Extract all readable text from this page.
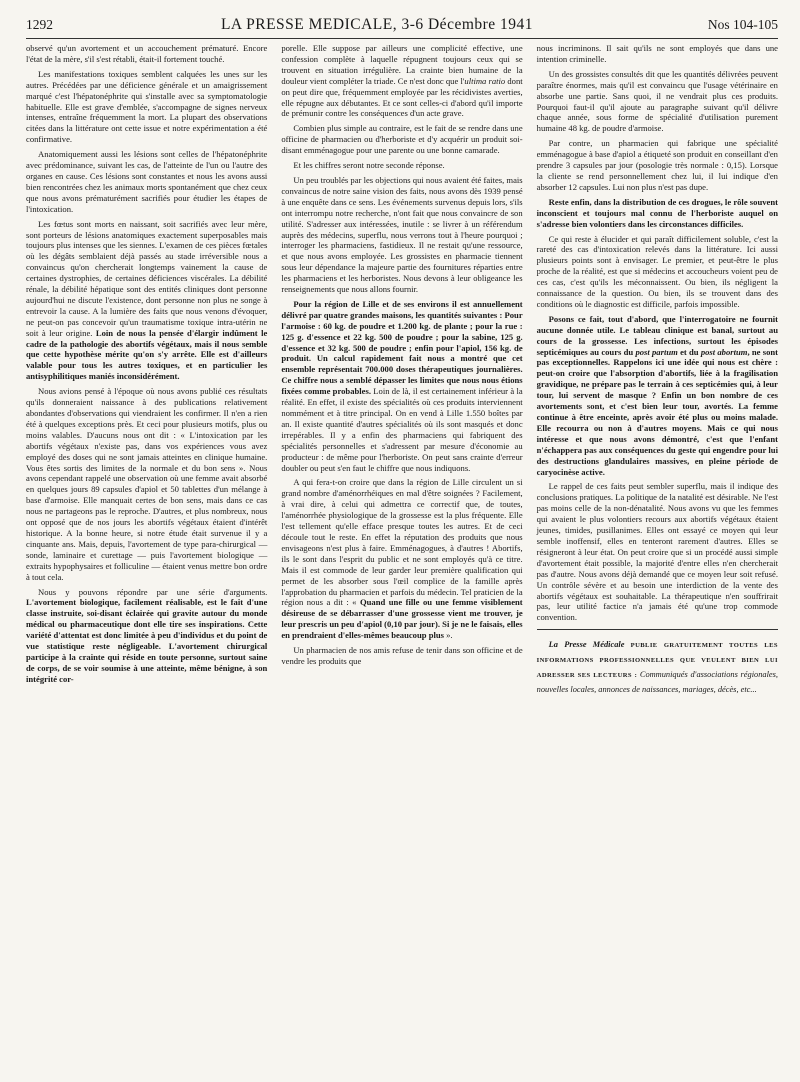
1292	LA PRESSE MEDICALE, 3-6 Décembre 1941	Nos 104-105

observé qu'un avortement et un accouchement prématuré. Encore l'état de la mère, s'il s'est rétabli, était-il fortement touché.

Les manifestations toxiques semblent calquées les unes sur les autres. Précédées par une déficience générale et un amaigrissement marqué c'est l'hépatonéphrite qui s'installe avec sa symptomatologie habituelle. Elle est grave d'emblée, s'accompagne de signes nerveux intenses, entraîne fréquemment la mort. La plupart des observations citées dans la littérature ont cette issue et notre expérimentation a été confirmative.

Anatomiquement aussi les lésions sont celles de l'hépatonéphrite avec prédominance, suivant les cas, de l'atteinte de l'un ou l'autre des organes en cause. Ces lésions sont constantes et nous les avons aussi bien rencontrées chez les animaux morts spontanément que chez ceux que nous avons prématurément sacrifiés pour étudier les étapes de l'intoxication.

Les fœtus sont morts en naissant, soit sacrifiés avec leur mère, sont porteurs de lésions anatomiques exactement superposables mais toujours plus intenses que les siennes. L'examen de ces pièces fœtales où les dégâts semblaient déjà passés au stade irréversible nous a convaincus qu'on chercherait longtemps vainement la cause de certaines dystrophies, de certaines déficiences viscérales. La débilité rénale, la débilité hépatique sont des entités cliniques dont personne aujourd'hui ne discute l'existence, dont personne non plus ne songe à entrevoir la cause. A la lumière des faits que nous venons d'évoquer, ne peut-on pas concevoir qu'un traumatisme toxique intra-utérin ne soit à leur origine. Loin de nous la pensée d'élargir indûment le cadre de la pathologie des abortifs végétaux, mais il nous semble que cette hypothèse mérite qu'on s'y arrête. Elle est d'ailleurs valable pour tous les autres toxiques, et en particulier les antisyphilitiques maniés inconsidérément.

Nous avions pensé à l'époque où nous avons publié ces résultats qu'ils donneraient naissance à des publications relativement abondantes d'observations qui viendraient les confirmer. Il n'en a rien été à quelques exceptions près. Et ceci pour plusieurs motifs, plus ou moins valables. D'aucuns nous ont dit : « L'intoxication par les abortifs végétaux n'existe pas, dans vos expériences vous avez employé des doses qui ne sont jamais atteintes en clinique humaine. Vous êtes sortis des limites de la normale et du bon sens ». Nous avons cependant rappelé une observation où une femme avait absorbé en quelques jours 89 capsules d'apiol et 50 tablettes d'un mélange à base d'armoise. Elle manquait certes de bon sens, mais dans ce cas nous ne partageons pas le reproche. D'autres, et plus nombreux, nous ont opposé que de nos jours les abortifs végétaux étaient d'intérêt historique. A la bonne heure, si notre étude était survenue il y a cinquante ans. Mais, depuis, l'avortement de type para-chirurgical — sonde, laminaire et curettage — puis l'avortement biologique — extraits hypophysaires et folliculine — étaient venus mettre bon ordre à tout cela.

Nous y pouvons répondre par une série d'arguments. L'avortement biologique, facilement réalisable, est le fait d'une classe instruite, soi-disant éclairée qui gravite autour du monde médical ou pharmaceutique dont elle tire ses inspirations. Cette variété d'attentat est donc limitée à peu d'individus et du point de vue statistique reste négligeable. L'avortement chirurgical participe à la crainte qui réside en toute personne, surtout saine de corps, de se voir soumise à une atteinte, même bénigne, à son intégrité cor-

porelle. Elle suppose par ailleurs une complicité effective, une confession complète à laquelle répugnent toujours ceux qui se trouvent en situation irrégulière. La crainte bien humaine de la douleur vient compléter la triade. Ce n'est donc que l'ultima ratio dont on peut dire que, fréquemment employée par les récidivistes averties, elle répugne aux débutantes. Et ce sont celles-ci d'abord qu'il importe de prémunir contre les conséquences d'un acte grave.

Combien plus simple au contraire, est le fait de se rendre dans une officine de pharmacien ou d'herboriste et d'y acquérir un produit soi-disant emménagogue pour une parente ou une bonne camarade.

Et les chiffres seront notre seconde réponse.

Un peu troublés par les objections qui nous avaient été faites, mais convaincus de notre saine vision des faits, nous avons dès 1939 pensé à une enquête dans ce sens. Les événements survenus depuis lors, s'ils ont interrompu notre recherche, n'ont fait que nous convaincre de son utilité. S'adresser aux intéressées, inutile : se livrer à un référendum auprès des médecins, superflu, nous verrons tout à l'heure pourquoi ; interroger les pharmaciens, fastidieux. Il ne restait qu'une ressource, et que nous avons employée. Les grossistes en pharmacie tiennent sous leur dépendance la majeure partie des fournitures réparties entre les pharmaciens et les herboristes. Nous devons à leur obligeance les renseignements que nous allons fournir.

Pour la région de Lille et de ses environs il est annuellement délivré par quatre grandes maisons, les quantités suivantes : Pour l'armoise : 60 kg. de poudre et 1.200 kg. de plante ; pour la rue : 125 g. d'essence et 22 kg. 500 de poudre ; pour la sabine, 125 g. d'essence et 32 kg. 500 de poudre ; enfin pour l'apiol, 156 kg. de produit. Un calcul rapidement fait nous a montré que cet ensemble représentait 700.000 doses thérapeutiques journalières. Ce chiffre nous a semblé dépasser les limites que nous nous étions fixées comme probables. Loin de là, il est certainement inférieur à la réalité. En effet, il existe des spécialités où ces produits interviennent nommément et à titre principal. On en vend à Lille 1.550 boîtes par an. Il existe quantité d'autres spécialités où ils sont masqués et donc irrepérables. Il y a enfin des pharmaciens qui fabriquent des spécialités personnelles et s'adressent par mesure d'économie au producteur : de même pour l'herboriste. On peut sans crainte d'erreur doubler ou peut s'en faut le chiffre que nous indiquons.

A qui fera-t-on croire que dans la région de Lille circulent un si grand nombre d'aménorrhéiques en mal d'être soignées ? Facilement, à vrai dire, à celui qui admettra ce correctif que, de toutes, l'aménorrhée physiologique de la grossesse est la plus fréquente. Elle l'est tellement qu'elle efface presque toutes les autres. Et de ceci découle tout le reste. En effet la réputation des produits que nous envisageons n'est plus à faire. Emménagogues, à d'autres ! Abortifs, ils le sont dans l'esprit du public et ne sont employés qu'à ce titre. Mais il est commode de leur garder leur première qualification qui permet de les absorber sous l'œil complice de la famille après l'approbation du pharmacien et parfois du médecin. Tel praticien de la région nous a dit : « Quand une fille ou une femme visiblement désireuse de se débarrasser d'une grossesse vient me trouver, je leur prescris un peu d'apiol (0,10 par jour). Si je ne le faisais, elles en prendraient d'elles-mêmes beaucoup plus ».

Un pharmacien de nos amis refuse de tenir dans son officine et de vendre les produits que

nous incriminons. Il sait qu'ils ne sont employés que dans une intention criminelle.

Un des grossistes consultés dit que les quantités délivrées peuvent paraître énormes, mais qu'il est convaincu que l'usage vétérinaire en absorbe une partie. Sans quoi, il ne vendrait plus ces produits. Pourquoi faut-il qu'il ajoute au paragraphe suivant qu'il délivre chaque année, sous forme de spécialité d'utilisation purement humaine 48 kg. de poudre d'armoise.

Par contre, un pharmacien qui fabrique une spécialité emménagogue à base d'apiol a étiqueté son produit en conseillant d'en prendre 3 capsules par jour (posologie très normale : 0,15). Lorsque la cliente se rend personnellement chez lui, il lui indique d'en absorber 12 capsules. Lui non plus n'est pas dupe.

Reste enfin, dans la distribution de ces drogues, le rôle souvent inconscient et toujours mal connu de l'herboriste auquel on s'adresse bien volontiers dans les circonstances difficiles.

Ce qui reste à élucider et qui paraît difficilement soluble, c'est la rareté des cas d'intoxication relevés dans la littérature. Ici aussi plusieurs points sont à envisager. Le premier, et peut-être le plus proche de la réalité, est que si médecins et accoucheurs voient peu de ces cas, c'est qu'ils les méconnaissent. Ou bien, ils négligent la connaissance de la question. Ou bien, ils se trouvent dans des conditions où le diagnostic est difficile, parfois impossible.

Posons ce fait, tout d'abord, que l'interrogatoire ne fournit aucune donnée utile. Le tableau clinique est banal, surtout au cours de la grossesse. Les infections, surtout les épisodes septicémiques au cours du post partum et du post abortum, ne sont pas exceptionnelles. Rappelons ici une idée qui nous est chère : peut-on croire que l'absorption d'abortifs, liée à la fragilisation gravidique, ne prépare pas le terrain à ces septicémies qui, à leur tour, lui servent de masque ? Enfin un bon nombre de ces avortements sont, et c'est bien leur tour, avortés. La femme continue à être enceinte, après avoir été plus ou moins malade. Elle recourra ou non à d'autres moyens. Mais ce qui nous intéresse et que nous avons démontré, c'est que l'enfant n'échappera pas aux conséquences du geste qui engendre pour lui des destructions glandulaires massives, en pleine période de caryocinèse active.

Le rappel de ces faits peut sembler superflu, mais il indique des conclusions pratiques. La politique de la natalité est désirable. Ne l'est pas moins celle de la non-dénatalité. Nous avons vu que les femmes qui avaient le plus volontiers recours aux abortifs végétaux étaient jeunes, timides, pusillanimes. Elles ont essayé ce moyen qui leur semble inoffensif, elles en tenteront rarement d'autres. Elles se résigneront à leur état. On peut croire que si un procédé aussi simple d'avortement était possible, la majorité d'entre elles n'en chercherait pas d'autre. Nous avons déjà demandé que ce moyen leur soit refusé. Un contrôle sévère et au besoin une interdiction de la vente des abortifs végétaux est souhaitable. La thérapeutique n'en souffrirait pas, leur utilité factice n'a jamais été qu'une trop commode convention.

La Presse Médicale PUBLIE GRATUITEMENT TOUTES LES INFORMATIONS PROFESSIONNELLES QUE VEULENT BIEN LUI ADRESSER SES LECTEURS : Communiqués d'associations régionales, nouvelles locales, annonces de naissances, mariages, décès, etc...
